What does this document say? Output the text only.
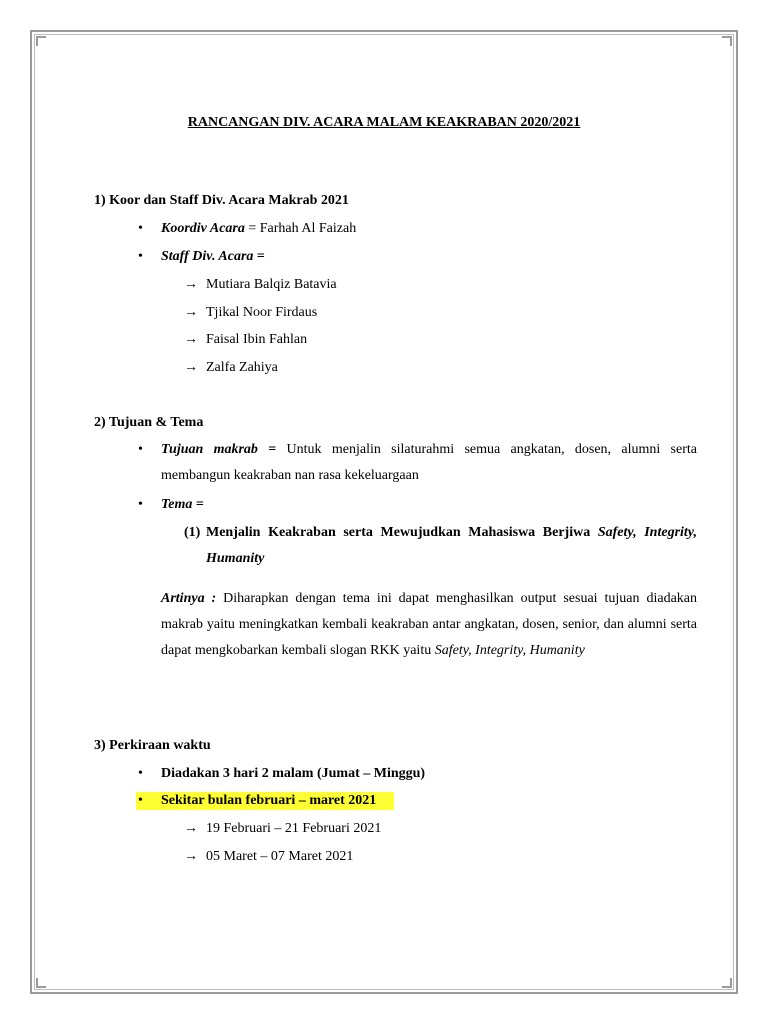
RANCANGAN DIV. ACARA MALAM KEAKRABAN 2020/2021
1) Koor dan Staff Div. Acara Makrab 2021
• Koordiv Acara = Farhah Al Faizah
• Staff Div. Acara =
→ Mutiara Balqiz Batavia
→ Tjikal Noor Firdaus
→ Faisal Ibin Fahlan
→ Zalfa Zahiya
2) Tujuan & Tema
• Tujuan makrab = Untuk menjalin silaturahmi semua angkatan, dosen, alumni serta membangun keakraban nan rasa kekeluargaan
• Tema =
(1) Menjalin Keakraban serta Mewujudkan Mahasiswa Berjiwa Safety, Integrity, Humanity
Artinya : Diharapkan dengan tema ini dapat menghasilkan output sesuai tujuan diadakan makrab yaitu meningkatkan kembali keakraban antar angkatan, dosen, senior, dan alumni serta dapat mengkobarkan kembali slogan RKK yaitu Safety, Integrity, Humanity
3) Perkiraan waktu
• Diadakan 3 hari 2 malam (Jumat – Minggu)
• Sekitar bulan februari – maret 2021
→ 19 Februari – 21 Februari 2021
→ 05 Maret – 07 Maret 2021
